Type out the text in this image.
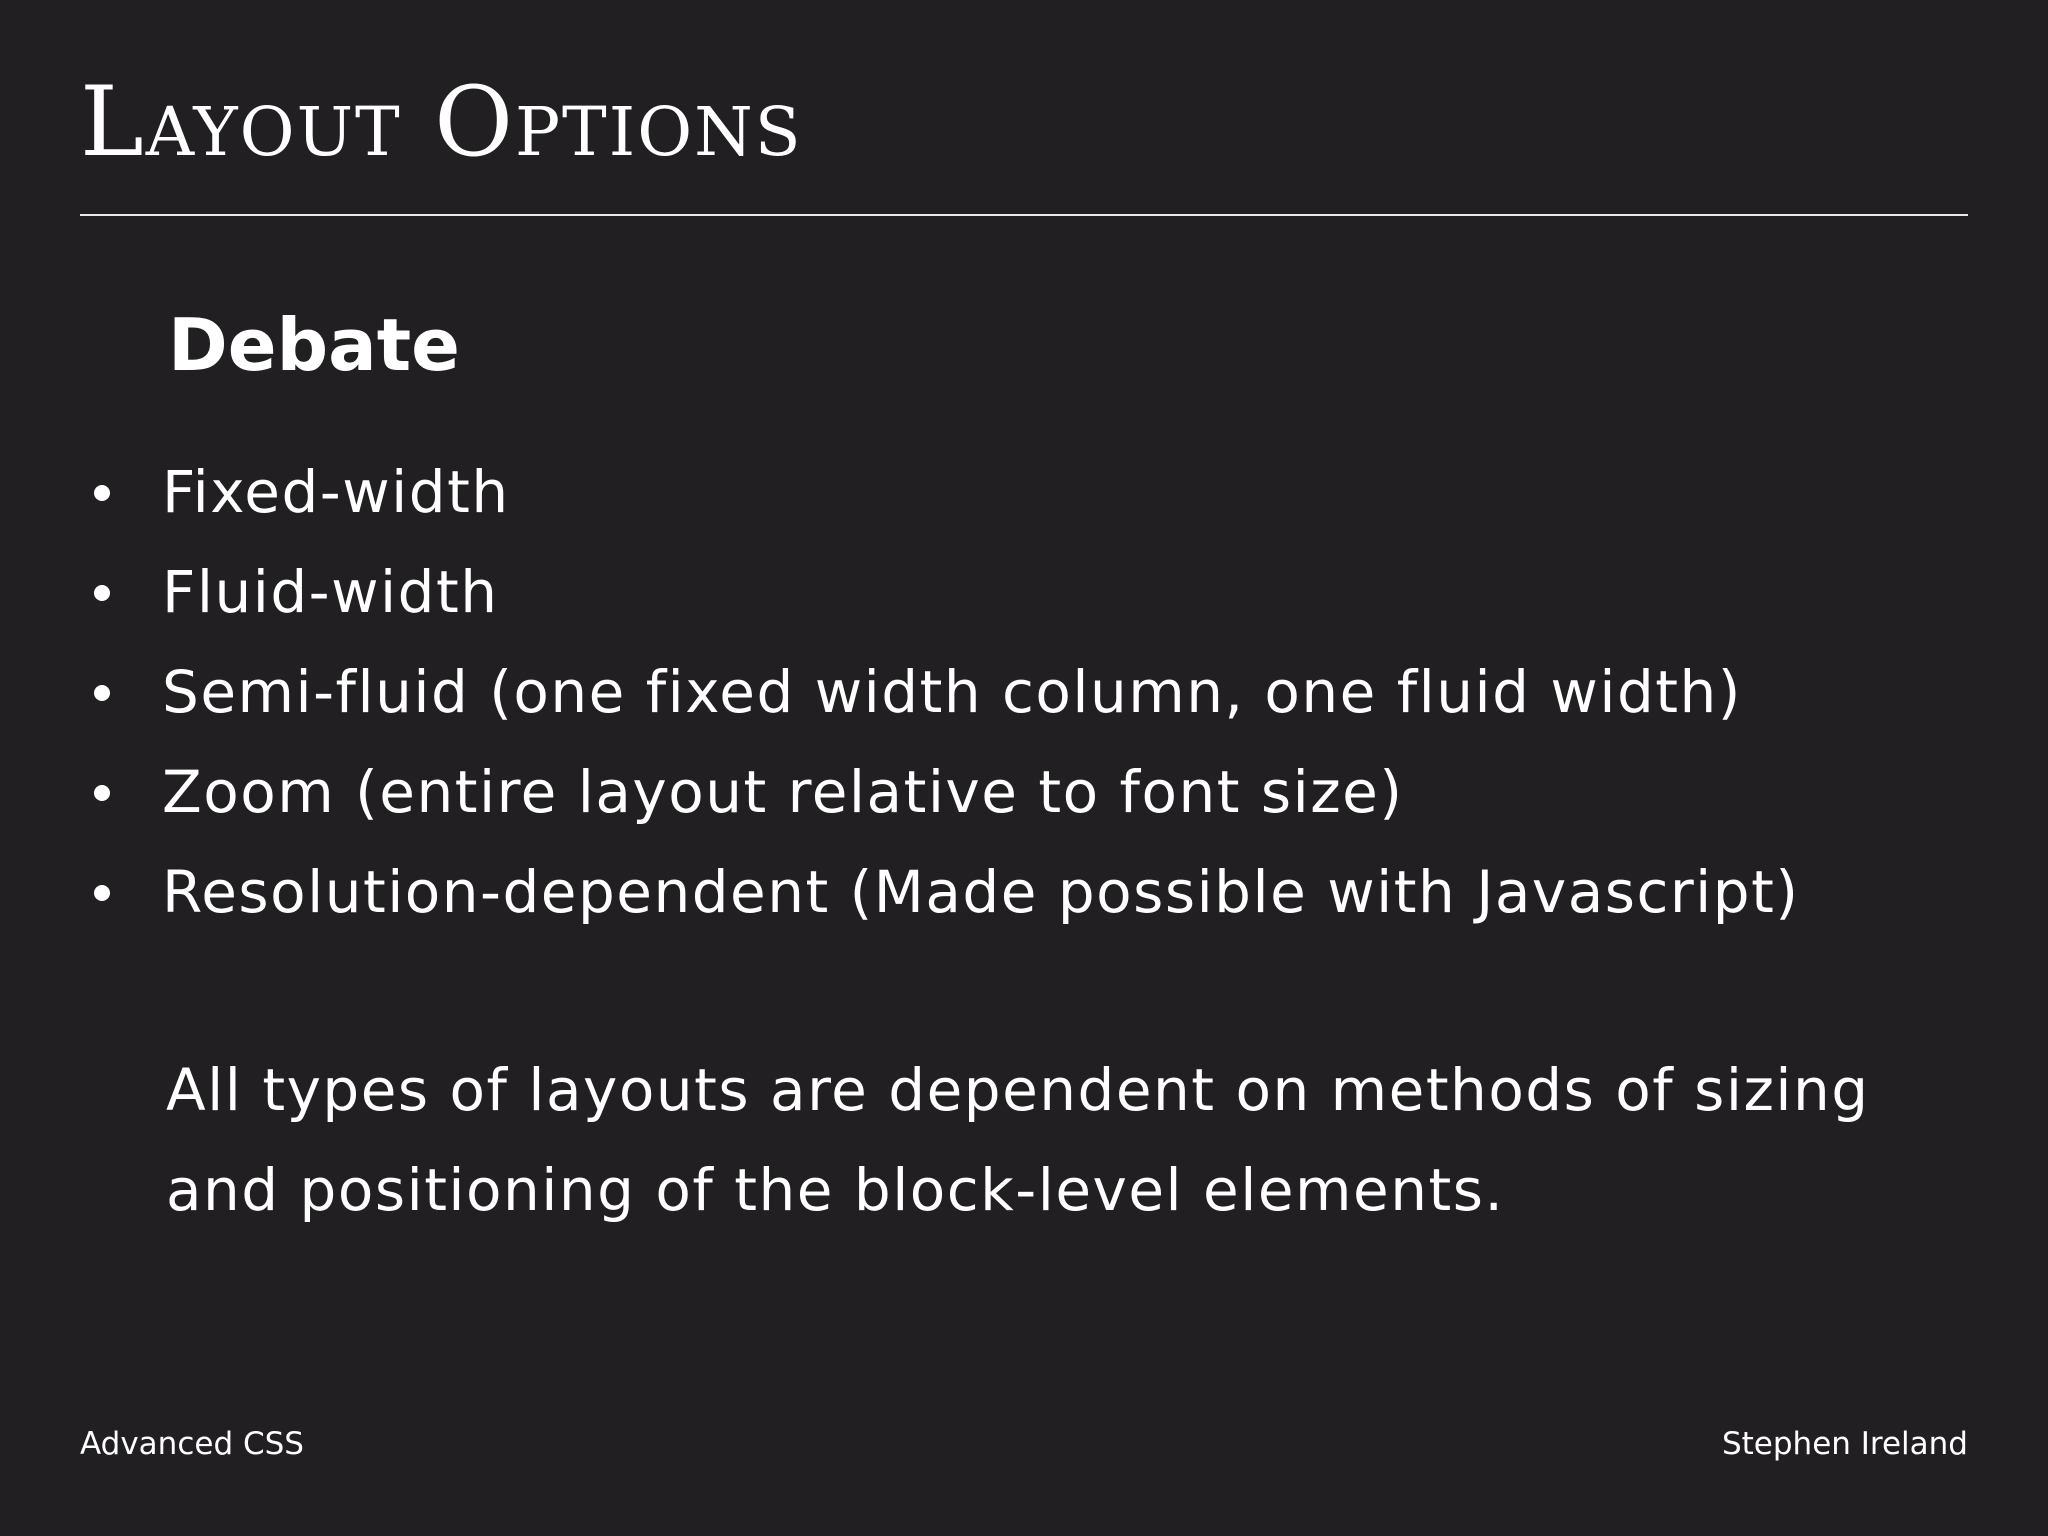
Layout Options
Debate
Fixed-width
Fluid-width
Semi-fluid (one fixed width column, one fluid width)
Zoom (entire layout relative to font size)
Resolution-dependent (Made possible with Javascript)

All types of layouts are dependent on methods of sizing and positioning of the block-level elements.

Advanced CSS	Stephen Ireland
